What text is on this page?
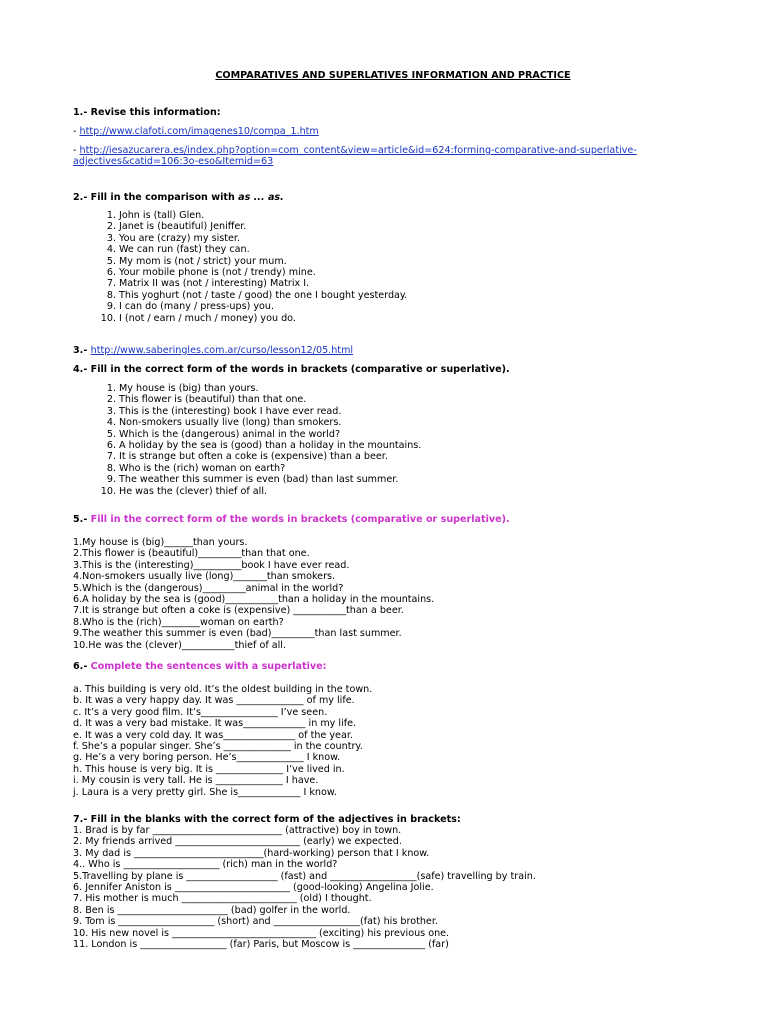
COMPARATIVES AND SUPERLATIVES INFORMATION AND PRACTICE
1.- Revise this information:
- http://www.clafoti.com/imagenes10/compa_1.htm
- http://iesazucarera.es/index.php?option=com_content&view=article&id=624:forming-comparative-and-superlative-
adjectives&catid=106:3o-eso&Itemid=63
2.- Fill in the comparison with as ... as.
1. John is (tall) Glen.
2. Janet is (beautiful) Jeniffer.
3. You are (crazy) my sister.
4. We can run (fast) they can.
5. My mom is (not / strict) your mum.
6. Your mobile phone is (not / trendy) mine.
7. Matrix II was (not / interesting) Matrix I.
8. This yoghurt (not / taste / good) the one I bought yesterday.
9. I can do (many / press-ups) you.
10. I (not / earn / much / money) you do.
3.- http://www.saberingles.com.ar/curso/lesson12/05.html
4.- Fill in the correct form of the words in brackets (comparative or superlative).
1. My house is (big) than yours.
2. This flower is (beautiful) than that one.
3. This is the (interesting) book I have ever read.
4. Non-smokers usually live (long) than smokers.
5. Which is the (dangerous) animal in the world?
6. A holiday by the sea is (good) than a holiday in the mountains.
7. It is strange but often a coke is (expensive) than a beer.
8. Who is the (rich) woman on earth?
9. The weather this summer is even (bad) than last summer.
10. He was the (clever) thief of all.
5.- Fill in the correct form of the words in brackets (comparative or superlative).
1.My house is (big)______than yours.
2.This flower is (beautiful)_________than that one.
3.This is the (interesting)__________book I have ever read.
4.Non-smokers usually live (long)_______than smokers.
5.Which is the (dangerous)_________animal in the world?
6.A holiday by the sea is (good)___________than a holiday in the mountains.
7.It is strange but often a coke is (expensive) ___________than a beer.
8.Who is the (rich)________woman on earth?
9.The weather this summer is even (bad)_________than last summer.
10.He was the (clever)___________thief of all.
6.- Complete the sentences with a superlative:
a. This building is very old. It’s the oldest building in the town.
b. It was a very happy day. It was ______________ of my life.
c. It’s a very good film. It’s________________ I’ve seen.
d. It was a very bad mistake. It was_____________ in my life.
e. It was a very cold day. It was_______________ of the year.
f. She’s a popular singer. She’s ______________ in the country.
g. He’s a very boring person. He’s______________ I know.
h. This house is very big. It is ______________ I’ve lived in.
i. My cousin is very tall. He is ______________ I have.
j. Laura is a very pretty girl. She is_____________ I know.
7.- Fill in the blanks with the correct form of the adjectives in brackets:
1. Brad is by far ___________________________ (attractive) boy in town.
2. My friends arrived __________________________ (early) we expected.
3. My dad is ___________________________(hard-working) person that I know.
4.. Who is ____________________ (rich) man in the world?
5.Travelling by plane is ___________________ (fast) and __________________(safe) travelling by train.
6. Jennifer Aniston is ________________________ (good-looking) Angelina Jolie.
7. His mother is much ________________________ (old) I thought.
8. Ben is _______________________ (bad) golfer in the world.
9. Tom is ____________________ (short) and __________________(fat) his brother.
10. His new novel is ______________________________ (exciting) his previous one.
11. London is __________________ (far) Paris, but Moscow is _______________ (far)
